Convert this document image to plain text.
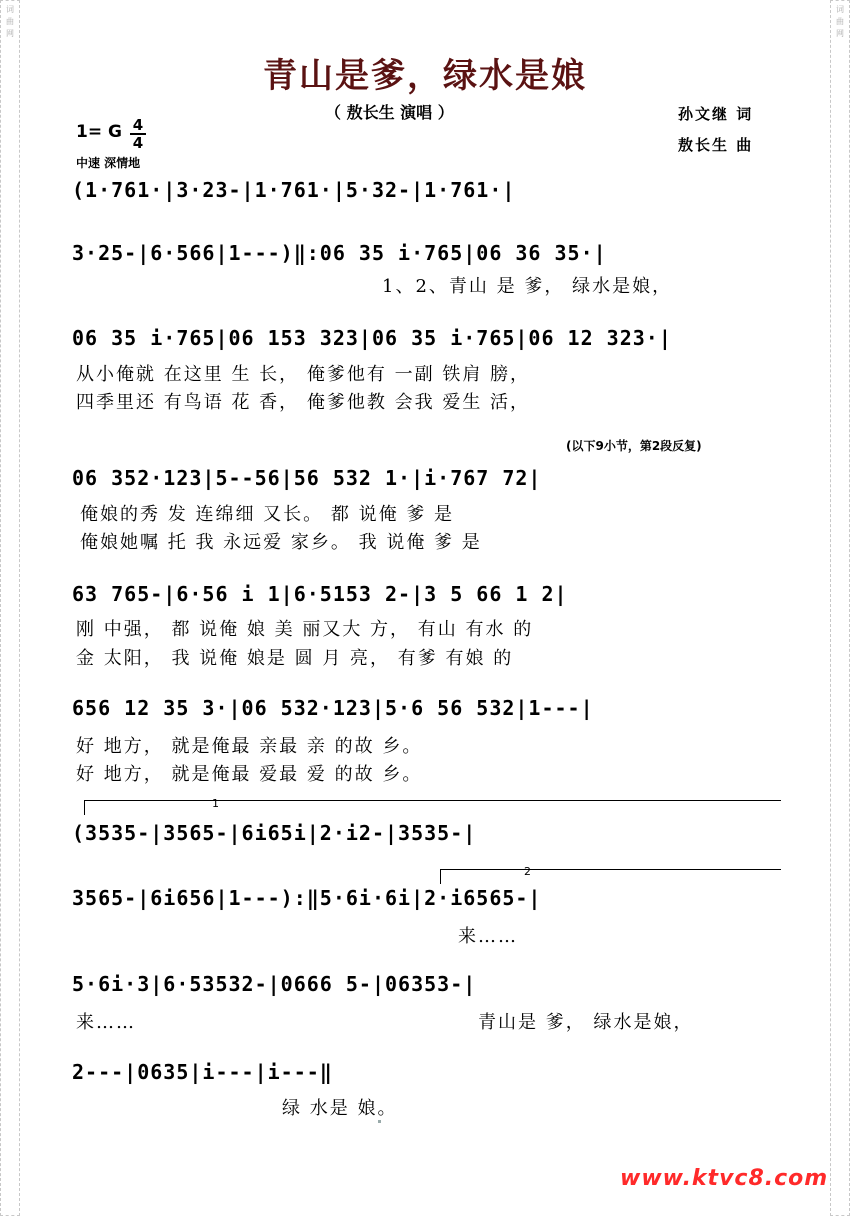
词
曲
网
词
曲
网
青山是爹，绿水是娘
（ 敖长生 演唱 ）	孙文继 词
敖长生 曲
1= G 4
4
中速 深情地
(1·761·|3·23-|1·761·|5·32-|1·761·|
3·25-|6·566|1---)‖:06 35 i·765|06 36 35·|
1、2、青山 是 爹， 绿水是娘，
06 35 i·765|06 153 323|06 35 i·765|06 12 323·|
从小俺就 在这里 生 长， 俺爹他有 一副 铁肩 膀，
四季里还 有鸟语 花 香， 俺爹他教 会我 爱生 活，
(以下9小节，第2段反复)
06 352·123|5--56|56 532 1·|i·767 72|
俺娘的秀 发 连绵细 又长。 都 说俺 爹 是
俺娘她嘱 托 我 永远爱 家乡。 我 说俺 爹 是
63 765-|6·56 i 1|6·5153 2-|3 5 66 1 2|
刚 中强， 都 说俺 娘 美 丽又大 方， 有山 有水 的
金 太阳， 我 说俺 娘是 圆 月 亮， 有爹 有娘 的
656 12 35 3·|06 532·123|5·6 56 532|1---|
好 地方， 就是俺最 亲最 亲 的故 乡。
好 地方， 就是俺最 爱最 爱 的故 乡。
1
(3535-|3565-|6i65i|2·i2-|3535-|
2
3565-|6i656|1---):‖5·6i·6i|2·i6565-|
来……
5·6i·3|6·53532-|0666 5-|06353-|
来……	青山是 爹， 绿水是娘，
2---|0635|i---|i---‖
绿 水是 娘。
www.ktvc8.com
